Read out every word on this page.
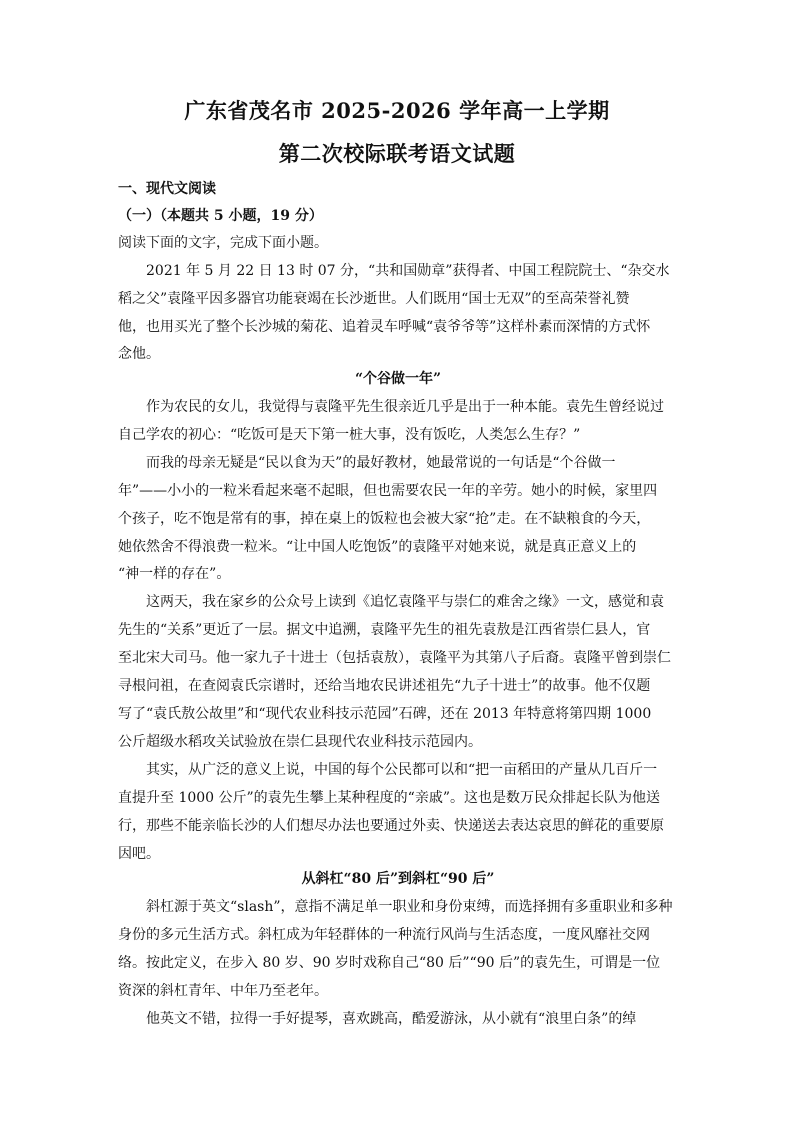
广东省茂名市 2025-2026 学年高一上学期
第二次校际联考语文试题
一、现代文阅读
（一）（本题共 5 小题，19 分）
阅读下面的文字，完成下面小题。
2021 年 5 月 22 日 13 时 07 分，“共和国勋章”获得者、中国工程院院士、“杂交水
稻之父”袁隆平因多器官功能衰竭在长沙逝世。人们既用“国士无双”的至高荣誉礼赞
他，也用买光了整个长沙城的菊花、追着灵车呼喊“袁爷爷等”这样朴素而深情的方式怀
念他。
“个谷做一年”
作为农民的女儿，我觉得与袁隆平先生很亲近几乎是出于一种本能。袁先生曾经说过
自己学农的初心：“吃饭可是天下第一桩大事，没有饭吃，人类怎么生存？”
而我的母亲无疑是“民以食为天”的最好教材，她最常说的一句话是“个谷做一
年”——小小的一粒米看起来毫不起眼，但也需要农民一年的辛劳。她小的时候，家里四
个孩子，吃不饱是常有的事，掉在桌上的饭粒也会被大家“抢”走。在不缺粮食的今天，
她依然舍不得浪费一粒米。“让中国人吃饱饭”的袁隆平对她来说，就是真正意义上的
“神一样的存在”。
这两天，我在家乡的公众号上读到《追忆袁隆平与崇仁的难舍之缘》一文，感觉和袁
先生的“关系”更近了一层。据文中追溯，袁隆平先生的祖先袁敖是江西省崇仁县人，官
至北宋大司马。他一家九子十进士（包括袁敖），袁隆平为其第八子后裔。袁隆平曾到崇仁
寻根问祖，在查阅袁氏宗谱时，还给当地农民讲述祖先“九子十进士”的故事。他不仅题
写了“袁氏敖公故里”和“现代农业科技示范园”石碑，还在 2013 年特意将第四期 1000
公斤超级水稻攻关试验放在崇仁县现代农业科技示范园内。
其实，从广泛的意义上说，中国的每个公民都可以和“把一亩稻田的产量从几百斤一
直提升至 1000 公斤”的袁先生攀上某种程度的“亲戚”。这也是数万民众排起长队为他送
行，那些不能亲临长沙的人们想尽办法也要通过外卖、快递送去表达哀思的鲜花的重要原
因吧。
从斜杠“80 后”到斜杠“90 后”
斜杠源于英文“slash”，意指不满足单一职业和身份束缚，而选择拥有多重职业和多种
身份的多元生活方式。斜杠成为年轻群体的一种流行风尚与生活态度，一度风靡社交网
络。按此定义，在步入 80 岁、90 岁时戏称自己“80 后”“90 后”的袁先生，可谓是一位
资深的斜杠青年、中年乃至老年。
他英文不错，拉得一手好提琴，喜欢跳高，酷爱游泳，从小就有“浪里白条”的绰
